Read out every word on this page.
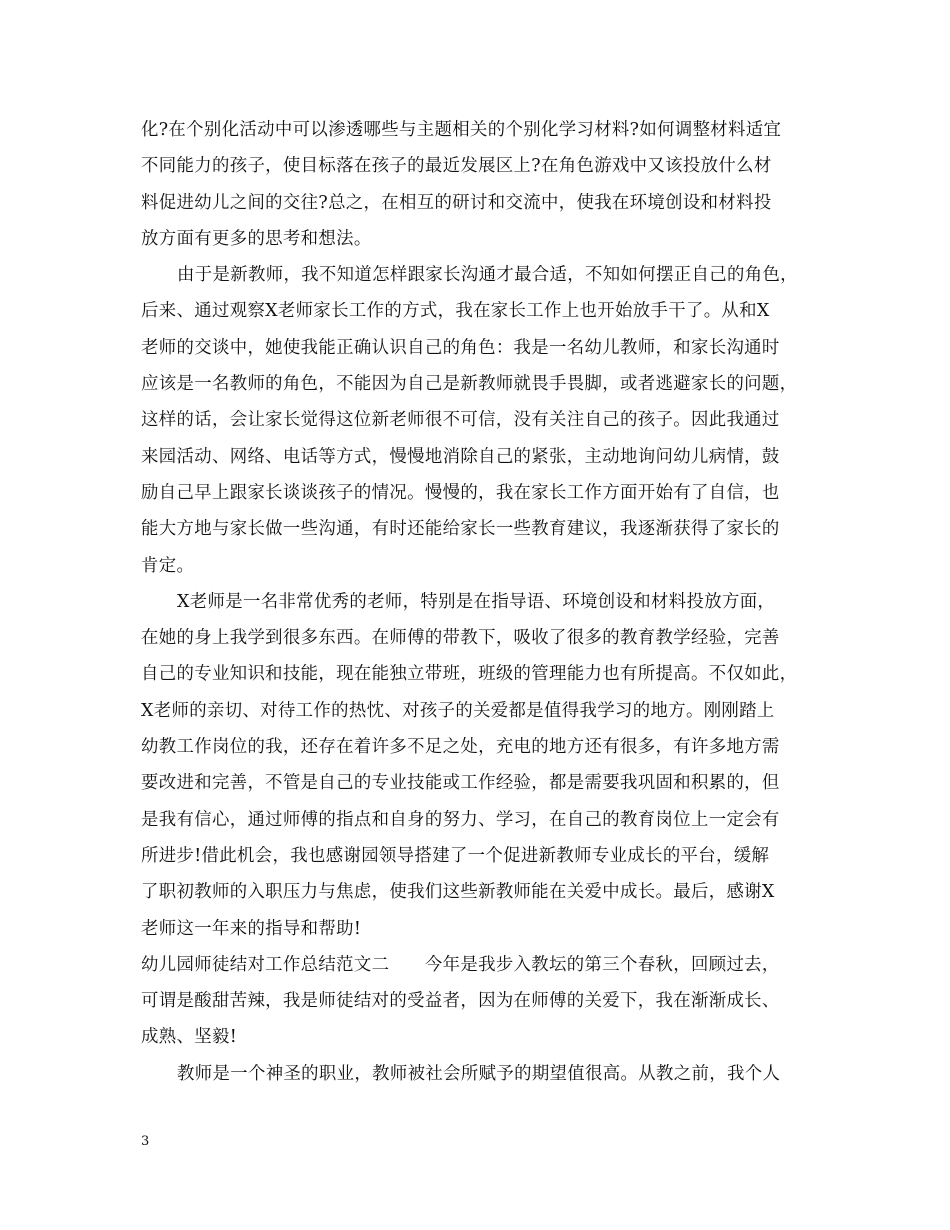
化?在个别化活动中可以渗透哪些与主题相关的个别化学习材料?如何调整材料适宜
不同能力的孩子，使目标落在孩子的最近发展区上?在角色游戏中又该投放什么材
料促进幼儿之间的交往?总之，在相互的研讨和交流中，使我在环境创设和材料投
放方面有更多的思考和想法。
由于是新教师，我不知道怎样跟家长沟通才最合适，不知如何摆正自己的角色，
后来、通过观察X老师家长工作的方式，我在家长工作上也开始放手干了。从和X
老师的交谈中，她使我能正确认识自己的角色：我是一名幼儿教师，和家长沟通时
应该是一名教师的角色，不能因为自己是新教师就畏手畏脚，或者逃避家长的问题，
这样的话，会让家长觉得这位新老师很不可信，没有关注自己的孩子。因此我通过
来园活动、网络、电话等方式，慢慢地消除自己的紧张，主动地询问幼儿病情，鼓
励自己早上跟家长谈谈孩子的情况。慢慢的，我在家长工作方面开始有了自信，也
能大方地与家长做一些沟通，有时还能给家长一些教育建议，我逐渐获得了家长的
肯定。
X老师是一名非常优秀的老师，特别是在指导语、环境创设和材料投放方面，
在她的身上我学到很多东西。在师傅的带教下，吸收了很多的教育教学经验，完善
自己的专业知识和技能，现在能独立带班，班级的管理能力也有所提高。不仅如此，
X老师的亲切、对待工作的热忱、对孩子的关爱都是值得我学习的地方。刚刚踏上
幼教工作岗位的我，还存在着许多不足之处，充电的地方还有很多，有许多地方需
要改进和完善，不管是自己的专业技能或工作经验，都是需要我巩固和积累的，但
是我有信心，通过师傅的指点和自身的努力、学习，在自己的教育岗位上一定会有
所进步!借此机会，我也感谢园领导搭建了一个促进新教师专业成长的平台，缓解
了职初教师的入职压力与焦虑，使我们这些新教师能在关爱中成长。最后，感谢X
老师这一年来的指导和帮助!
幼儿园师徒结对工作总结范文二　　今年是我步入教坛的第三个春秋，回顾过去，
可谓是酸甜苦辣，我是师徒结对的受益者，因为在师傅的关爱下，我在渐渐成长、
成熟、坚毅!
教师是一个神圣的职业，教师被社会所赋予的期望值很高。从教之前，我个人
3
